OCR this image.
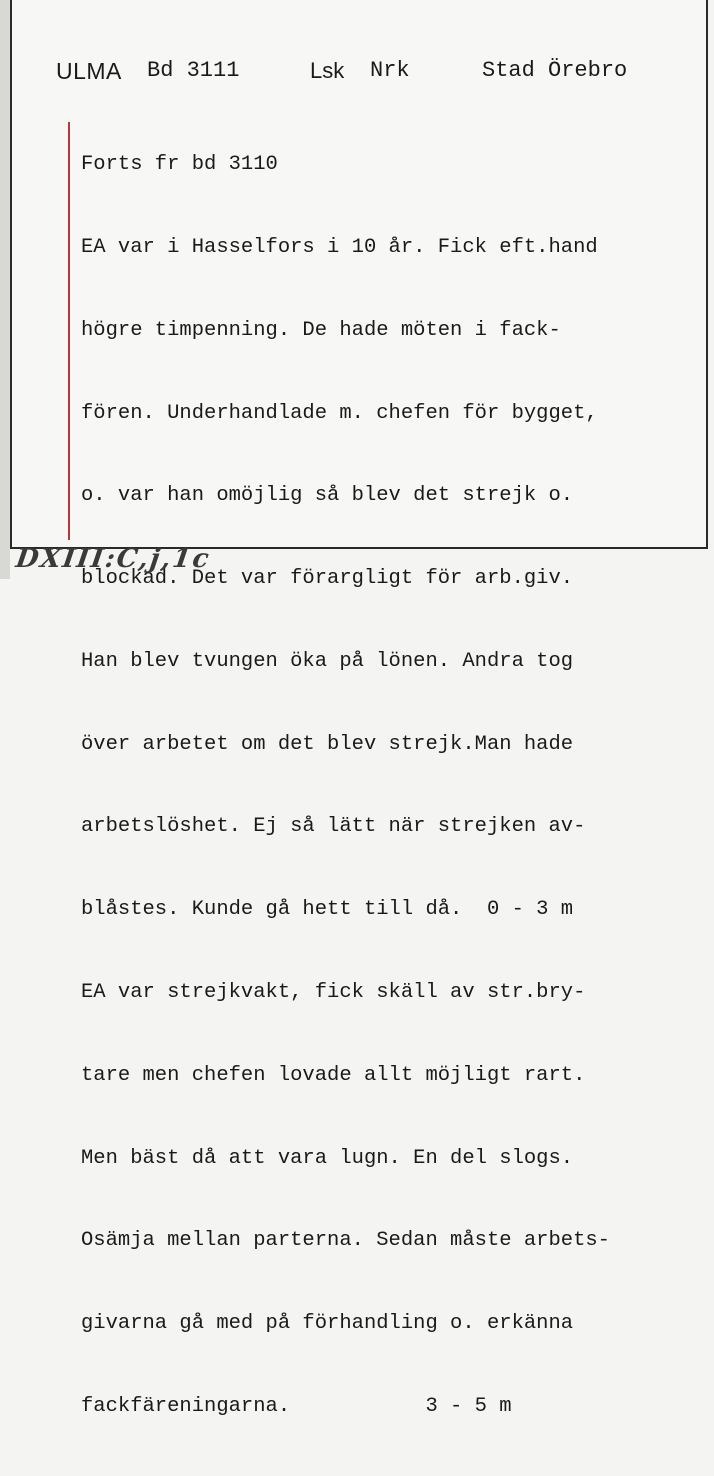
ULMA Bd 3111	Lsk Nrk	Stad Örebro

Forts fr bd 3110

EA var i Hasselfors i 10 år. Fick eft.hand

högre timpenning. De hade möten i fack-

fören. Underhandlade m. chefen för bygget,

o. var han omöjlig så blev det strejk o.

blockad. Det var förargligt för arb.giv.

Han blev tvungen öka på lönen. Andra tog

över arbetet om det blev strejk.Man hade

arbetslöshet. Ej så lätt när strejken av-

blåstes. Kunde gå hett till då.  0 - 3 m

EA var strejkvakt, fick skäll av str.bry-

tare men chefen lovade allt möjligt rart.

Men bäst då att vara lugn. En del slogs.

Osämja mellan parterna. Sedan måste arbets-

givarna gå med på förhandling o. erkänna

fackfäreningarna.           3 - 5 m

DXIII:C,j,1c
